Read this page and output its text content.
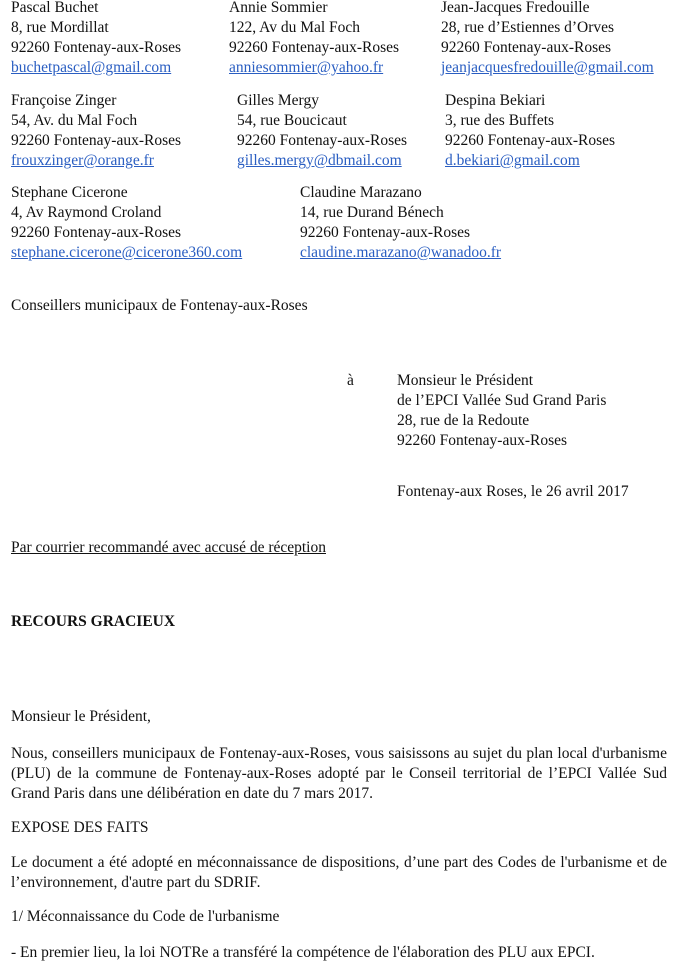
Pascal Buchet
8, rue Mordillat
92260 Fontenay-aux-Roses
buchetpascal@gmail.com
Annie Sommier
122, Av du Mal Foch
92260 Fontenay-aux-Roses
anniesommier@yahoo.fr
Jean-Jacques Fredouille
28, rue d’Estiennes d’Orves
92260 Fontenay-aux-Roses
jeanjacquesfredouille@gmail.com
Françoise Zinger
54, Av. du Mal Foch
92260 Fontenay-aux-Roses
frouxzinger@orange.fr
Gilles Mergy
54, rue Boucicaut
92260 Fontenay-aux-Roses
gilles.mergy@dbmail.com
Despina Bekiari
3, rue des Buffets
92260 Fontenay-aux-Roses
d.bekiari@gmail.com
Stephane Cicerone
4, Av Raymond Croland
92260 Fontenay-aux-Roses
stephane.cicerone@cicerone360.com
Claudine Marazano
14, rue Durand Bénech
92260 Fontenay-aux-Roses
claudine.marazano@wanadoo.fr
Conseillers municipaux de Fontenay-aux-Roses
à	Monsieur le Président
de l’EPCI Vallée Sud Grand Paris
28, rue de la Redoute
92260 Fontenay-aux-Roses
Fontenay-aux Roses, le 26 avril 2017
Par courrier recommandé avec accusé de réception
RECOURS GRACIEUX
Monsieur le Président,
Nous, conseillers municipaux de Fontenay-aux-Roses, vous saisissons au sujet du plan local d'urbanisme (PLU) de la commune de Fontenay-aux-Roses adopté par le Conseil territorial de l’EPCI Vallée Sud Grand Paris dans une délibération en date du 7 mars 2017.
EXPOSE DES FAITS
Le document a été adopté en méconnaissance de dispositions, d’une part des Codes de l'urbanisme et de l’environnement, d'autre part du SDRIF.
1/ Méconnaissance du Code de l'urbanisme
- En premier lieu, la loi NOTRe a transféré la compétence de l'élaboration des PLU aux EPCI.
